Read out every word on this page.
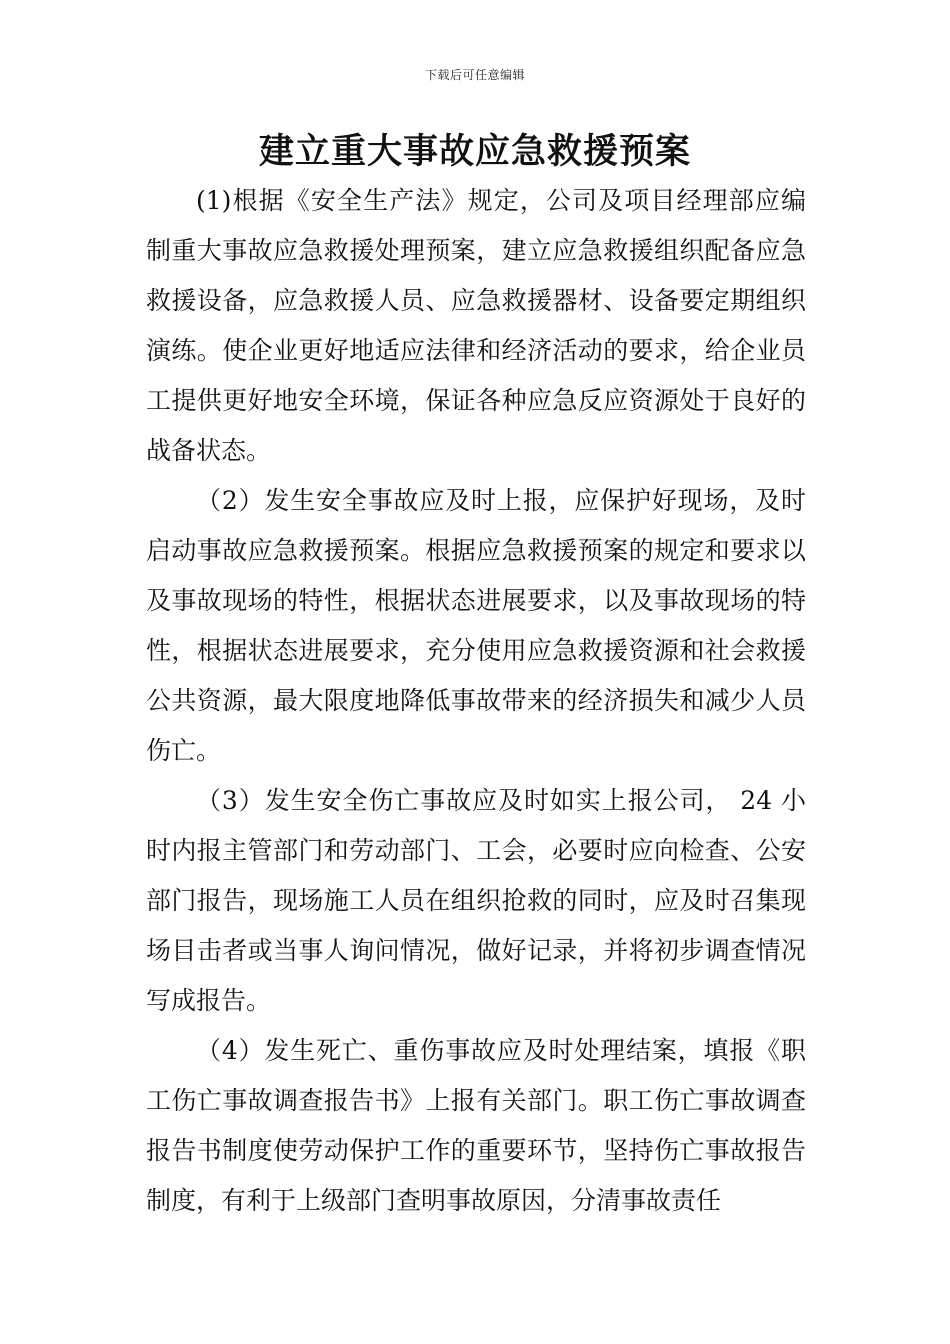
下载后可任意编辑
建立重大事故应急救援预案

(1)根据《安全生产法》规定，公司及项目经理部应编制重大事故应急救援处理预案，建立应急救援组织配备应急救援设备，应急救援人员、应急救援器材、设备要定期组织演练。使企业更好地适应法律和经济活动的要求，给企业员工提供更好地安全环境，保证各种应急反应资源处于良好的战备状态。

（2）发生安全事故应及时上报，应保护好现场，及时启动事故应急救援预案。根据应急救援预案的规定和要求以及事故现场的特性，根据状态进展要求，以及事故现场的特性，根据状态进展要求，充分使用应急救援资源和社会救援公共资源，最大限度地降低事故带来的经济损失和减少人员伤亡。

（3）发生安全伤亡事故应及时如实上报公司， 24 小时内报主管部门和劳动部门、工会，必要时应向检查、公安部门报告，现场施工人员在组织抢救的同时，应及时召集现场目击者或当事人询问情况，做好记录，并将初步调查情况写成报告。

（4）发生死亡、重伤事故应及时处理结案，填报《职工伤亡事故调查报告书》上报有关部门。职工伤亡事故调查报告书制度使劳动保护工作的重要环节，坚持伤亡事故报告制度，有利于上级部门查明事故原因，分清事故责任
